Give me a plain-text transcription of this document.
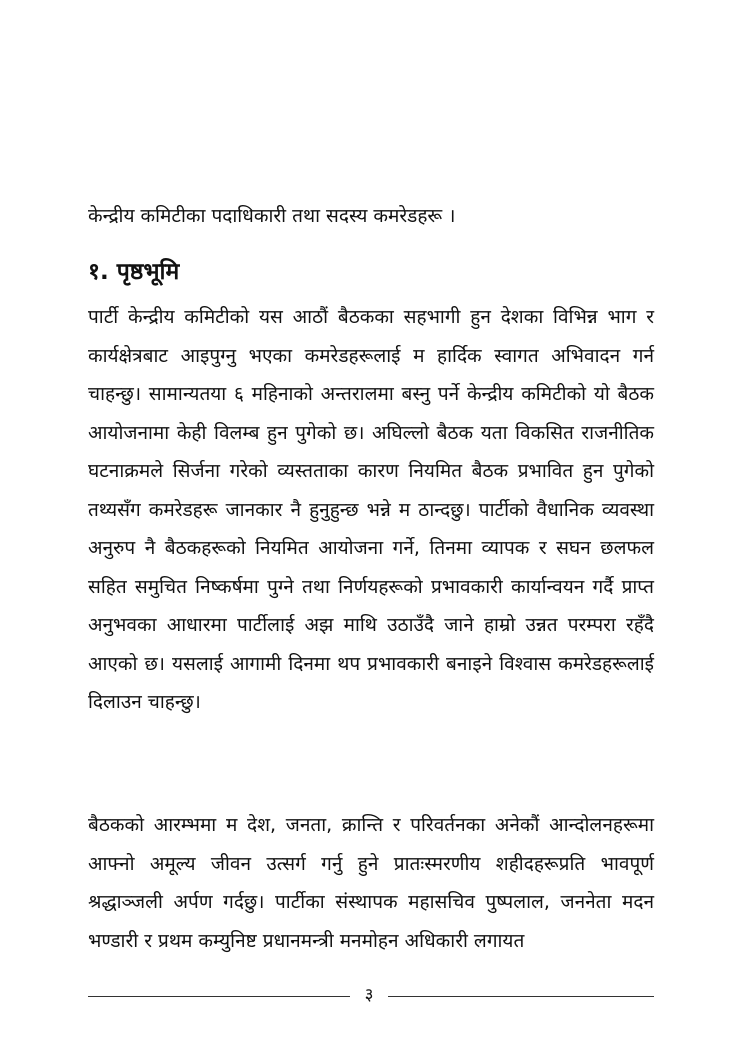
केन्द्रीय कमिटीका पदाधिकारी तथा सदस्य कमरेडहरू ।

१. पृष्ठभूमि

पार्टी केन्द्रीय कमिटीको यस आठौं बैठकका सहभागी हुन देशका विभिन्न भाग र कार्यक्षेत्रबाट आइपुग्नु भएका कमरेडहरूलाई म हार्दिक स्वागत अभिवादन गर्न चाहन्छु। सामान्यतया ६ महिनाको अन्तरालमा बस्नु पर्ने केन्द्रीय कमिटीको यो बैठक आयोजनामा केही विलम्ब हुन पुगेको छ। अघिल्लो बैठक यता विकसित राजनीतिक घटनाक्रमले सिर्जना गरेको व्यस्तताका कारण नियमित बैठक प्रभावित हुन पुगेको तथ्यसँग कमरेडहरू जानकार नै हुनुहुन्छ भन्ने म ठान्दछु। पार्टीको वैधानिक व्यवस्था अनुरुप नै बैठकहरूको नियमित आयोजना गर्ने, तिनमा व्यापक र सघन छलफल सहित समुचित निष्कर्षमा पुग्ने तथा निर्णयहरूको प्रभावकारी कार्यान्वयन गर्दै प्राप्त अनुभवका आधारमा पार्टीलाई अझ माथि उठाउँदै जाने हाम्रो उन्नत परम्परा रहँदै आएको छ। यसलाई आगामी दिनमा थप प्रभावकारी बनाइने विश्वास कमरेडहरूलाई दिलाउन चाहन्छु।

बैठकको आरम्भमा म देश, जनता, क्रान्ति र परिवर्तनका अनेकौं आन्दोलनहरूमा आफ्नो अमूल्य जीवन उत्सर्ग गर्नु हुने प्रातःस्मरणीय शहीदहरूप्रति भावपूर्ण श्रद्धाञ्जली अर्पण गर्दछु। पार्टीका संस्थापक महासचिव पुष्पलाल, जननेता मदन भण्डारी र प्रथम कम्युनिष्ट प्रधानमन्त्री मनमोहन अधिकारी लगायत

३
